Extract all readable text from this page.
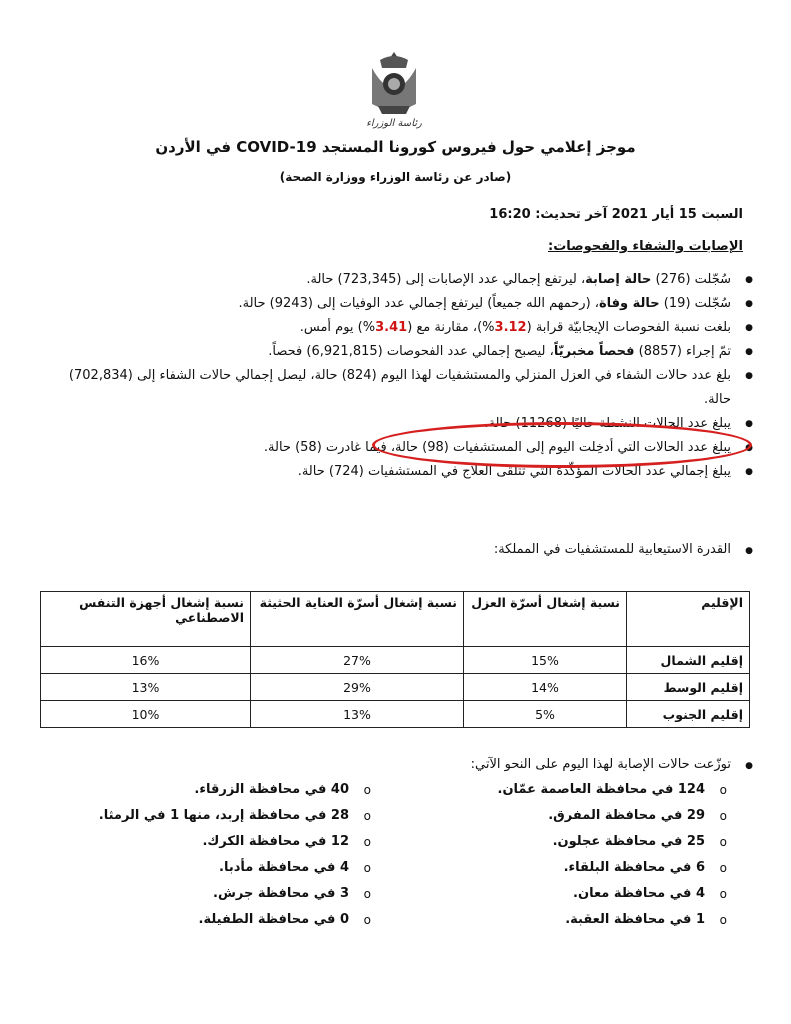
رئاسة الوزراء
موجز إعلامي حول فيروس كورونا المستجد COVID-19 في الأردن
(صادر عن رئاسة الوزراء ووزارة الصحة)
السبت 15 أيار 2021 آخر تحديث: 16:20
الإصابات والشفاء والفحوصات:
● سُجّلت (276) حالة إصابة، ليرتفع إجمالي عدد الإصابات إلى (723,345) حالة.
● سُجّلت (19) حالة وفاة، (رحمهم الله جميعاً) ليرتفع إجمالي عدد الوفيات إلى (9243) حالة.
● بلغت نسبة الفحوصات الإيجابيّة قرابة (3.12%)، مقارنة مع (3.41%) يوم أمس.
● تمّ إجراء (8857) فحصاً مخبريّاً، ليصبح إجمالي عدد الفحوصات (6,921,815) فحصاً.
● بلغ عدد حالات الشفاء في العزل المنزلي والمستشفيات لهذا اليوم (824) حالة، ليصل إجمالي حالات الشفاء إلى (702,834) حالة.
● يبلغ عدد الحالات النشطة حاليًا (11268) حالة.
● يبلغ عدد الحالات التي أدخِلت اليوم إلى المستشفيات (98) حالة، فيما غادرت (58) حالة.
● يبلغ إجمالي عدد الحالات المؤكّدة التي تتلقى العلاج في المستشفيات (724) حالة.
● القدرة الاستيعابية للمستشفيات في المملكة:
الإقليم	نسبة إشغال أسرّة العزل	نسبة إشغال أسرّة العناية الحثيثة	نسبة إشغال أجهزة التنفس الاصطناعي
إقليم الشمال	15%	27%	16%
إقليم الوسط	14%	29%	13%
إقليم الجنوب	5%	13%	10%
● توزّعت حالات الإصابة لهذا اليوم على النحو الآتي:
o 124 في محافظة العاصمة عمّان.
o 29 في محافظة المفرق.
o 25 في محافظة عجلون.
o 6 في محافظة البلقاء.
o 4 في محافظة معان.
o 1 في محافظة العقبة.
o 40 في محافظة الزرقاء.
o 28 في محافظة إربد، منها 1 في الرمثا.
o 12 في محافظة الكرك.
o 4 في محافظة مأدبا.
o 3 في محافظة جرش.
o 0 في محافظة الطفيلة.
